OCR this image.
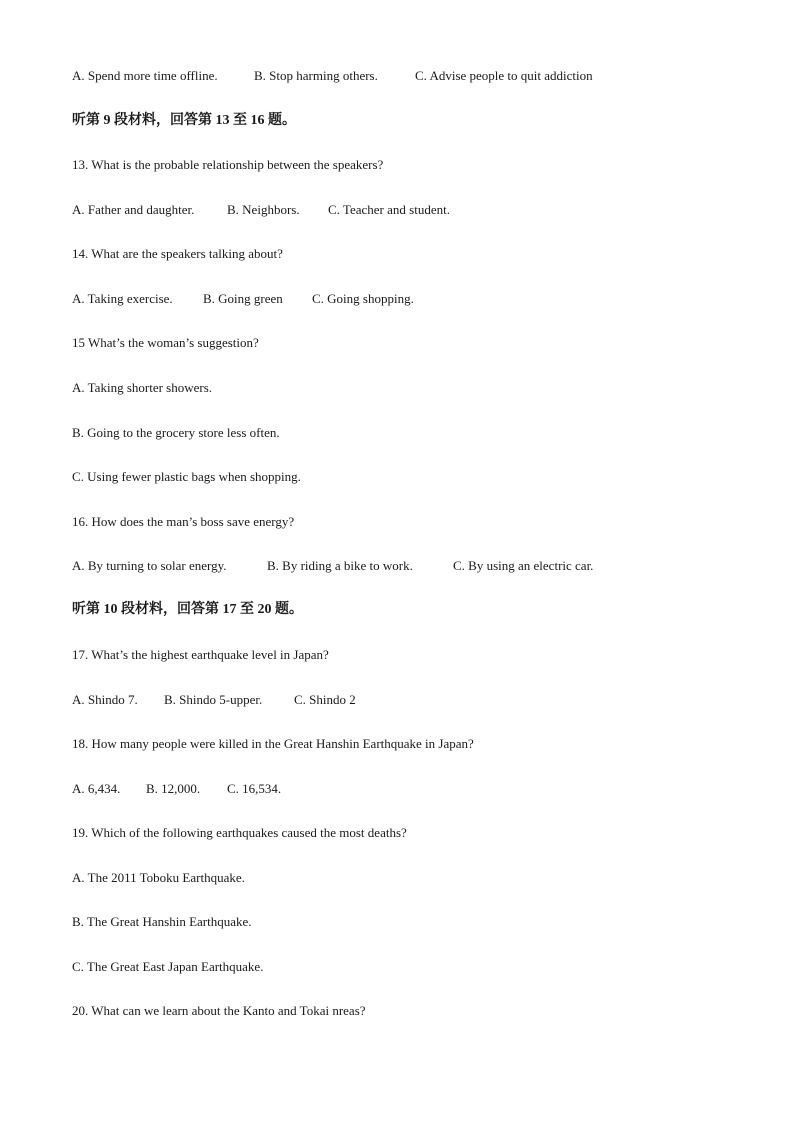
A. Spend more time offline.	B. Stop harming others.	C. Advise people to quit addiction
听第 9 段材料，回答第 13 至 16 题。
13. What is the probable relationship between the speakers?
A. Father and daughter.	B. Neighbors. C. Teacher and student.
14. What are the speakers talking about?
A. Taking exercise. B. Going green C. Going shopping.
15 What’s the woman’s suggestion?
A. Taking shorter showers.
B. Going to the grocery store less often.
C. Using fewer plastic bags when shopping.
16. How does the man’s boss save energy?
A. By turning to solar energy.	B. By riding a bike to work.	C. By using an electric car.
听第 10 段材料，回答第 17 至 20 题。
17. What’s the highest earthquake level in Japan?
A. Shindo 7. B. Shindo 5-upper. C. Shindo 2
18. How many people were killed in the Great Hanshin Earthquake in Japan?
A. 6,434. B. 12,000. C. 16,534.
19. Which of the following earthquakes caused the most deaths?
A. The 2011 Toboku Earthquake.
B. The Great Hanshin Earthquake.
C. The Great East Japan Earthquake.
20. What can we learn about the Kanto and Tokai nreas?
